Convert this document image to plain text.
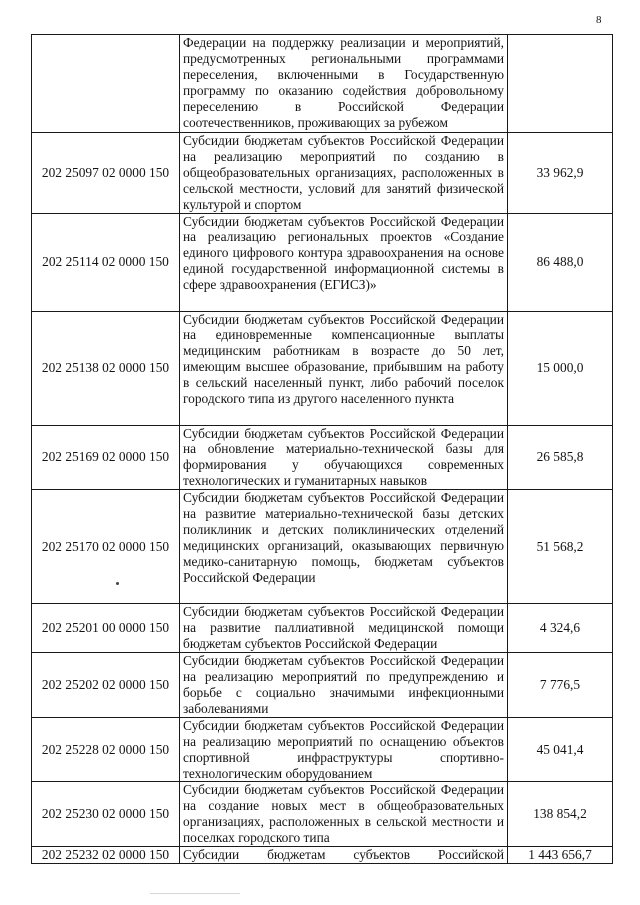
8
	Федерации на поддержку реализации и мероприятий, предусмотренных региональными программами переселения, включенными в Государственную программу по оказанию содействия добровольному переселению в Российской Федерации соотечественников, проживающих за рубежом	
202 25097 02 0000 150	Субсидии бюджетам субъектов Российской Федерации на реализацию мероприятий по созданию в общеобразовательных организациях, расположенных в сельской местности, условий для занятий физической культурой и спортом	33 962,9
202 25114 02 0000 150	Субсидии бюджетам субъектов Российской Федерации на реализацию региональных проектов «Создание единого цифрового контура здравоохранения на основе единой государственной информационной системы в сфере здравоохранения (ЕГИСЗ)»	86 488,0
202 25138 02 0000 150	Субсидии бюджетам субъектов Российской Федерации на единовременные компенсационные выплаты медицинским работникам в возрасте до 50 лет, имеющим высшее образование, прибывшим на работу в сельский населенный пункт, либо рабочий поселок городского типа из другого населенного пункта	15 000,0
202 25169 02 0000 150	Субсидии бюджетам субъектов Российской Федерации на обновление материально-технической базы для формирования у обучающихся современных технологических и гуманитарных навыков	26 585,8
202 25170 02 0000 150	Субсидии бюджетам субъектов Российской Федерации на развитие материально-технической базы детских поликлиник и детских поликлинических отделений медицинских организаций, оказывающих первичную медико-санитарную помощь, бюджетам субъектов Российской Федерации	51 568,2
202 25201 00 0000 150	Субсидии бюджетам субъектов Российской Федерации на развитие паллиативной медицинской помощи бюджетам субъектов Российской Федерации	4 324,6
202 25202 02 0000 150	Субсидии бюджетам субъектов Российской Федерации на реализацию мероприятий по предупреждению и борьбе с социально значимыми инфекционными заболеваниями	7 776,5
202 25228 02 0000 150	Субсидии бюджетам субъектов Российской Федерации на реализацию мероприятий по оснащению объектов спортивной инфраструктуры спортивно-технологическим оборудованием	45 041,4
202 25230 02 0000 150	Субсидии бюджетам субъектов Российской Федерации на создание новых мест в общеобразовательных организациях, расположенных в сельской местности и поселках городского типа	138 854,2
202 25232 02 0000 150	Субсидии бюджетам субъектов Российской	1 443 656,7
